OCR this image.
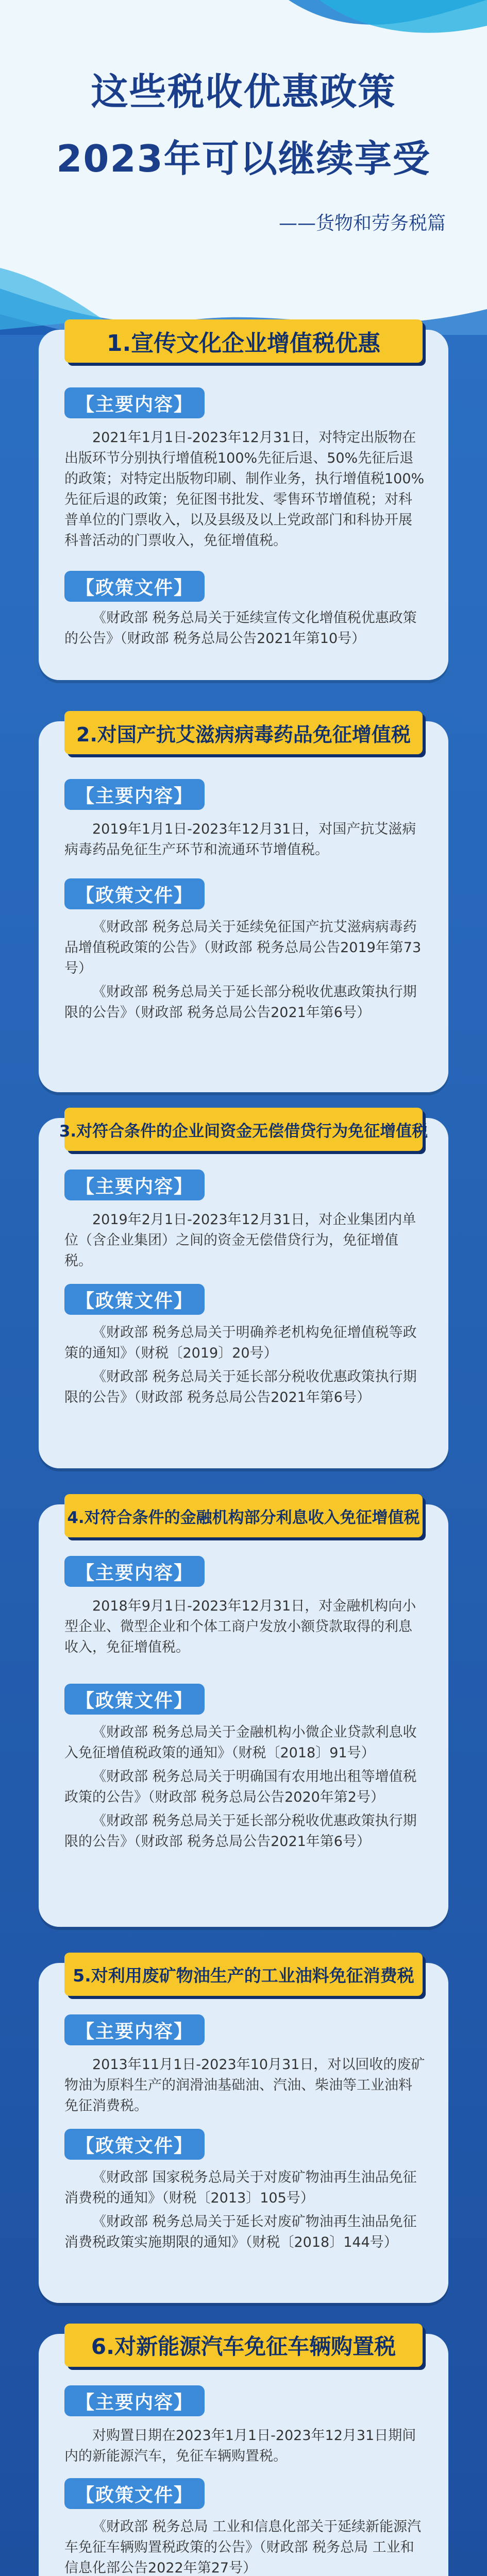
这些税收优惠政策
2023年可以继续享受
——货物和劳务税篇
1.宣传文化企业增值税优惠
【主要内容】
2021年1月1日-2023年12月31日，对特定出版物在出版环节分别执行增值税100%先征后退、50%先征后退的政策；对特定出版物印刷、制作业务，执行增值税100%先征后退的政策；免征图书批发、零售环节增值税；对科普单位的门票收入，以及县级及以上党政部门和科协开展科普活动的门票收入，免征增值税。
【政策文件】

《财政部 税务总局关于延续宣传文化增值税优惠政策的公告》（财政部 税务总局公告2021年第10号）

2.对国产抗艾滋病病毒药品免征增值税
【主要内容】
2019年1月1日-2023年12月31日，对国产抗艾滋病病毒药品免征生产环节和流通环节增值税。
【政策文件】

《财政部 税务总局关于延续免征国产抗艾滋病病毒药品增值税政策的公告》（财政部 税务总局公告2019年第73号）

《财政部 税务总局关于延长部分税收优惠政策执行期限的公告》（财政部 税务总局公告2021年第6号）

3.对符合条件的企业间资金无偿借贷行为免征增值税
【主要内容】
2019年2月1日-2023年12月31日，对企业集团内单位（含企业集团）之间的资金无偿借贷行为，免征增值税。
【政策文件】

《财政部 税务总局关于明确养老机构免征增值税等政策的通知》（财税〔2019〕20号）

《财政部 税务总局关于延长部分税收优惠政策执行期限的公告》（财政部 税务总局公告2021年第6号）

4.对符合条件的金融机构部分利息收入免征增值税
【主要内容】
2018年9月1日-2023年12月31日，对金融机构向小型企业、微型企业和个体工商户发放小额贷款取得的利息收入，免征增值税。
【政策文件】

《财政部 税务总局关于金融机构小微企业贷款利息收入免征增值税政策的通知》（财税〔2018〕91号）

《财政部 税务总局关于明确国有农用地出租等增值税政策的公告》（财政部 税务总局公告2020年第2号）

《财政部 税务总局关于延长部分税收优惠政策执行期限的公告》（财政部 税务总局公告2021年第6号）

5.对利用废矿物油生产的工业油料免征消费税
【主要内容】
2013年11月1日-2023年10月31日，对以回收的废矿物油为原料生产的润滑油基础油、汽油、柴油等工业油料免征消费税。
【政策文件】

《财政部 国家税务总局关于对废矿物油再生油品免征消费税的通知》（财税〔2013〕105号）

《财政部 税务总局关于延长对废矿物油再生油品免征消费税政策实施期限的通知》（财税〔2018〕144号）

6.对新能源汽车免征车辆购置税
【主要内容】
对购置日期在2023年1月1日-2023年12月31日期间内的新能源汽车，免征车辆购置税。
【政策文件】

《财政部 税务总局 工业和信息化部关于延续新能源汽车免征车辆购置税政策的公告》（财政部 税务总局 工业和信息化部公告2022年第27号）
